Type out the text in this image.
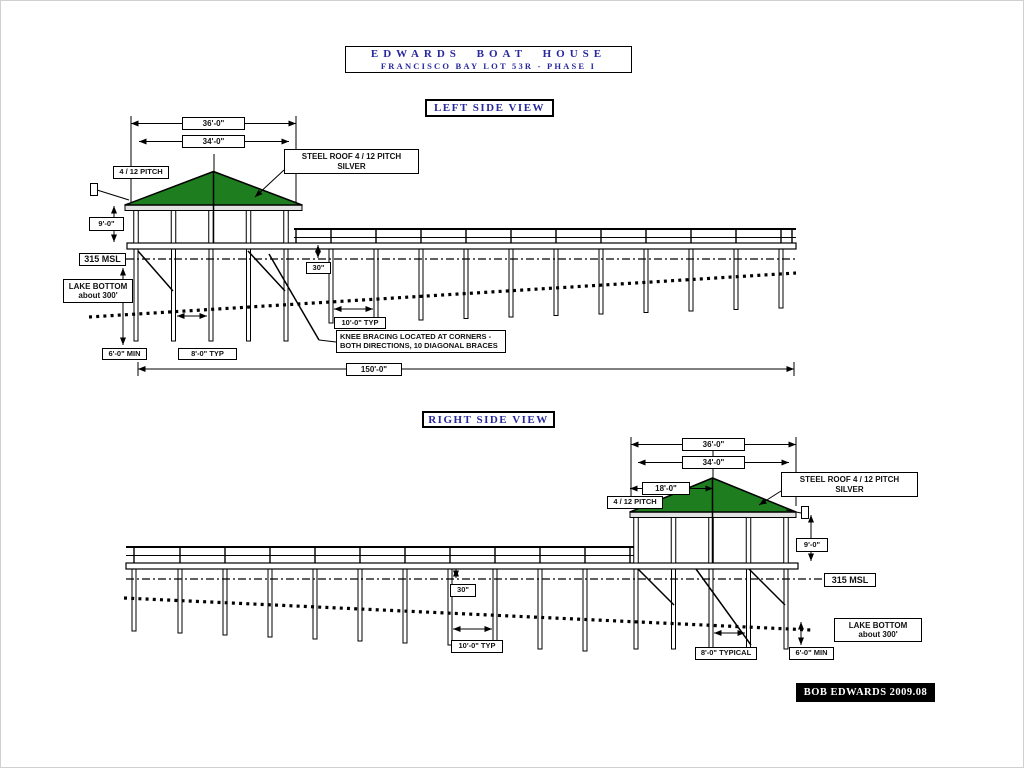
EDWARDS BOAT HOUSE
FRANCISCO BAY LOT 53R - PHASE I
LEFT SIDE VIEW
RIGHT SIDE VIEW
36'-0"
34'-0"
4 / 12 PITCH
STEEL ROOF 4 / 12 PITCH
SILVER
9'-0"
315 MSL
LAKE BOTTOM
about 300'
30"
10'-0" TYP
KNEE BRACING LOCATED AT CORNERS -
BOTH DIRECTIONS, 10 DIAGONAL BRACES
6'-0" MIN	8'-0" TYP
150'-0"
36'-0"
34'-0"
18'-0"
4 / 12 PITCH
STEEL ROOF 4 / 12 PITCH
SILVER
9'-0"
315 MSL
30"
10'-0" TYP
8'-0" TYPICAL	6'-0" MIN
LAKE BOTTOM
about 300'
BOB EDWARDS 2009.08
